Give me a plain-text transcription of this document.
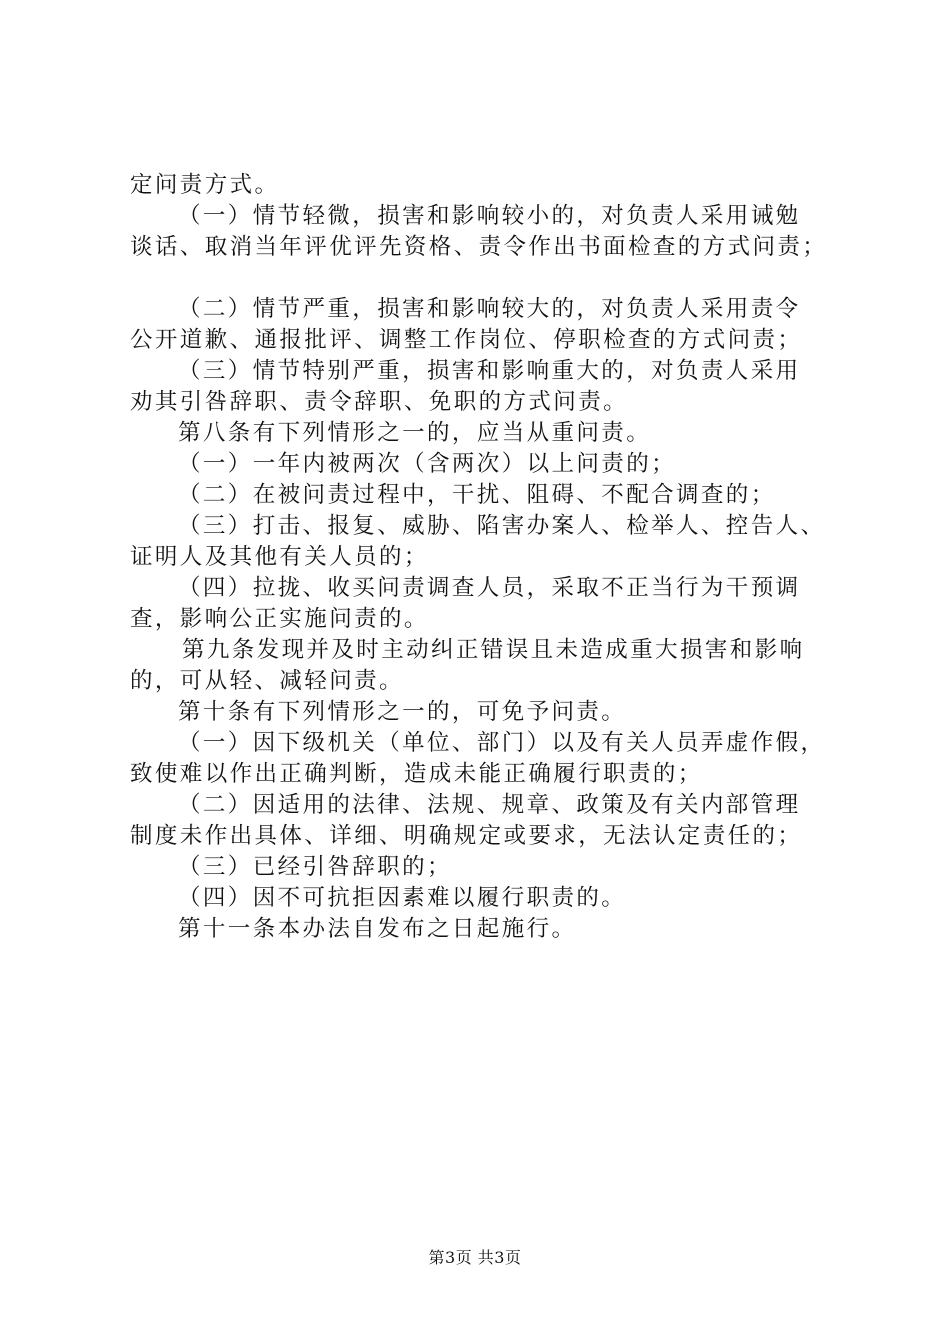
定问责方式。
（一）情节轻微，损害和影响较小的，对负责人采用诫勉
谈话、取消当年评优评先资格、责令作出书面检查的方式问责；
（二）情节严重，损害和影响较大的，对负责人采用责令
公开道歉、通报批评、调整工作岗位、停职检查的方式问责；
（三）情节特别严重，损害和影响重大的，对负责人采用
劝其引咎辞职、责令辞职、免职的方式问责。
第八条有下列情形之一的，应当从重问责。
（一）一年内被两次（含两次）以上问责的；
（二）在被问责过程中，干扰、阻碍、不配合调查的；
（三）打击、报复、威胁、陷害办案人、检举人、控告人、
证明人及其他有关人员的；
（四）拉拢、收买问责调查人员，采取不正当行为干预调
查，影响公正实施问责的。
第九条发现并及时主动纠正错误且未造成重大损害和影响
的，可从轻、减轻问责。
第十条有下列情形之一的，可免予问责。
（一）因下级机关（单位、部门）以及有关人员弄虚作假，
致使难以作出正确判断，造成未能正确履行职责的；
（二）因适用的法律、法规、规章、政策及有关内部管理
制度未作出具体、详细、明确规定或要求，无法认定责任的；
（三）已经引咎辞职的；
（四）因不可抗拒因素难以履行职责的。
第十一条本办法自发布之日起施行。
第3页 共3页
